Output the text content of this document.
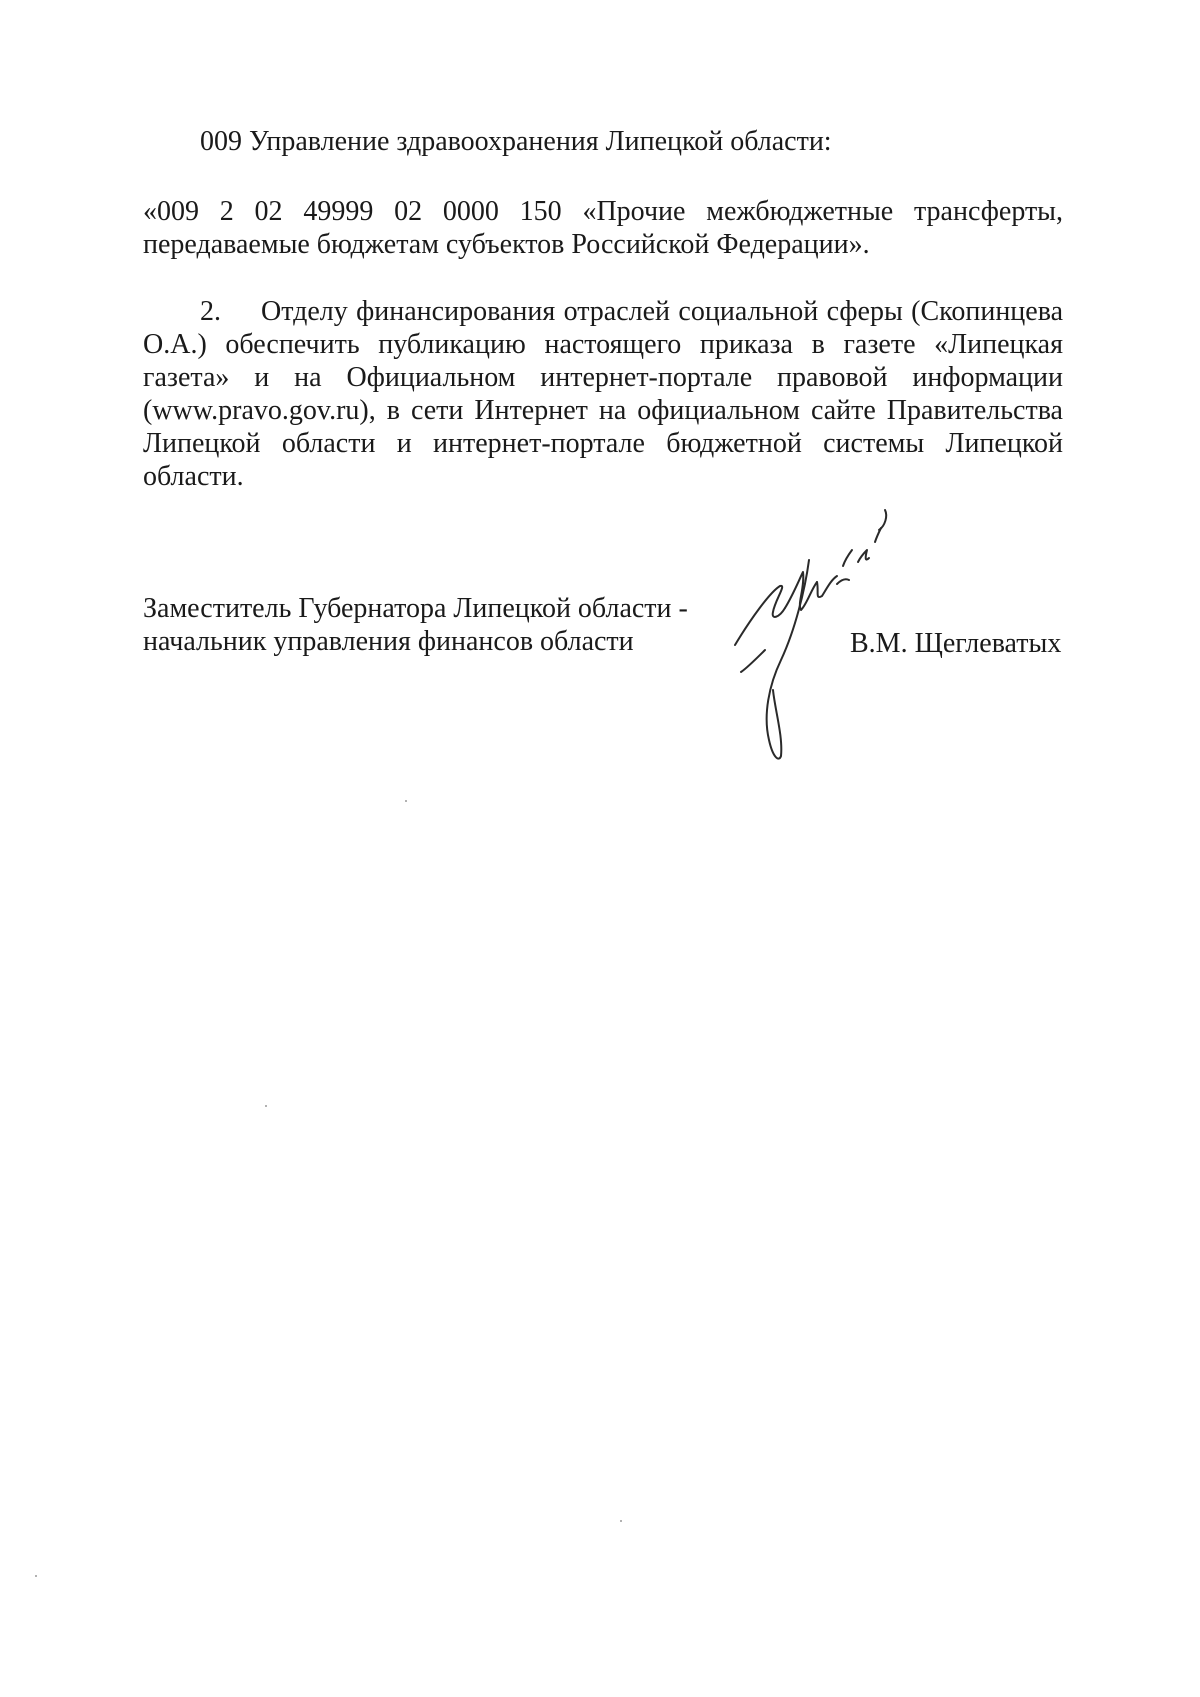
009 Управление здравоохранения Липецкой области:
«009 2 02 49999 02 0000 150 «Прочие межбюджетные трансферты, передаваемые бюджетам субъектов Российской Федерации».
2. Отделу финансирования отраслей социальной сферы (Скопинцева О.А.) обеспечить публикацию настоящего приказа в газете «Липецкая газета» и на Официальном интернет-портале правовой информации (www.pravo.gov.ru), в сети Интернет на официальном сайте Правительства Липецкой области и интернет-портале бюджетной системы Липецкой области.
Заместитель Губернатора Липецкой области -
начальник управления финансов области	В.М. Щеглеватых
